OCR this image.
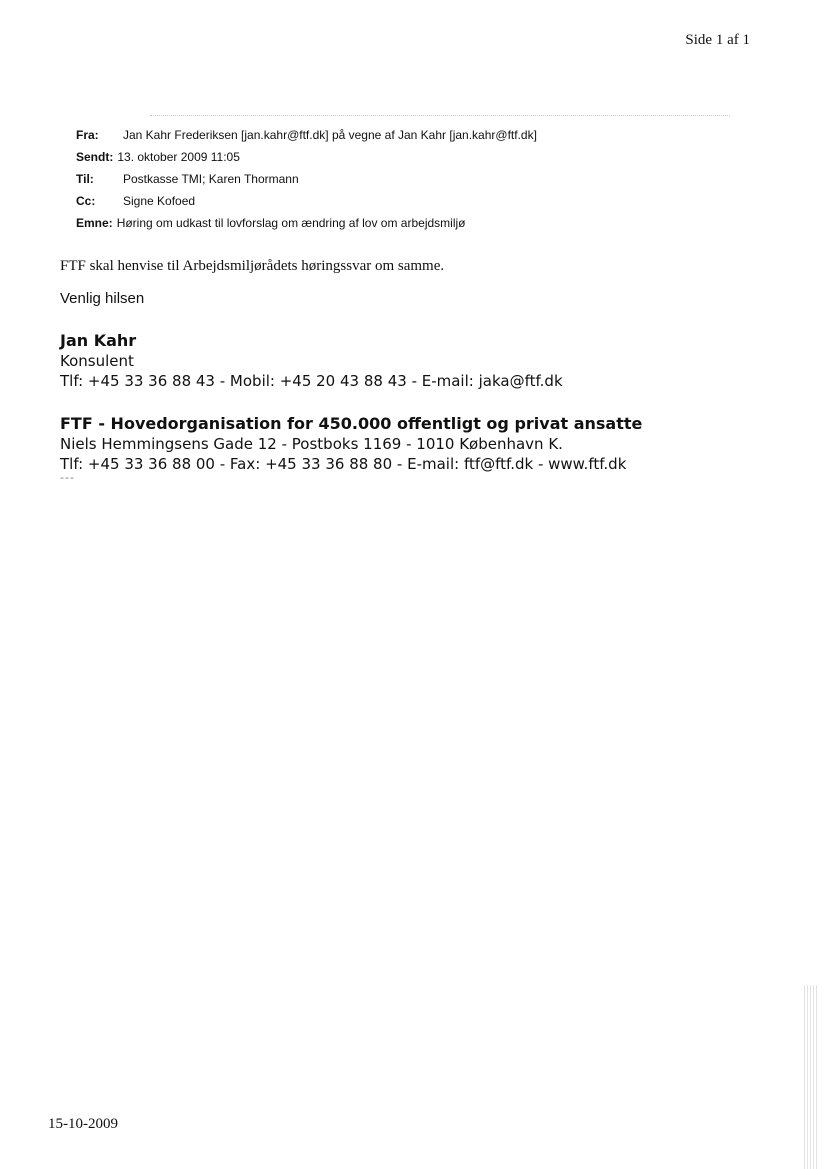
Side 1 af 1
Fra:	Jan Kahr Frederiksen [jan.kahr@ftf.dk] på vegne af Jan Kahr [jan.kahr@ftf.dk]
Sendt: 13. oktober 2009 11:05
Til:	Postkasse TMI; Karen Thormann
Cc:	Signe Kofoed
Emne: Høring om udkast til lovforslag om ændring af lov om arbejdsmiljø
FTF skal henvise til Arbejdsmiljørådets høringssvar om samme.
Venlig hilsen
Jan Kahr
Konsulent
Tlf: +45 33 36 88 43 - Mobil: +45 20 43 88 43 - E-mail: jaka@ftf.dk
FTF - Hovedorganisation for 450.000 offentligt og privat ansatte
Niels Hemmingsens Gade 12 - Postboks 1169 - 1010 København K.
Tlf: +45 33 36 88 00 - Fax: +45 33 36 88 80 - E-mail: ftf@ftf.dk - www.ftf.dk
---
15-10-2009
